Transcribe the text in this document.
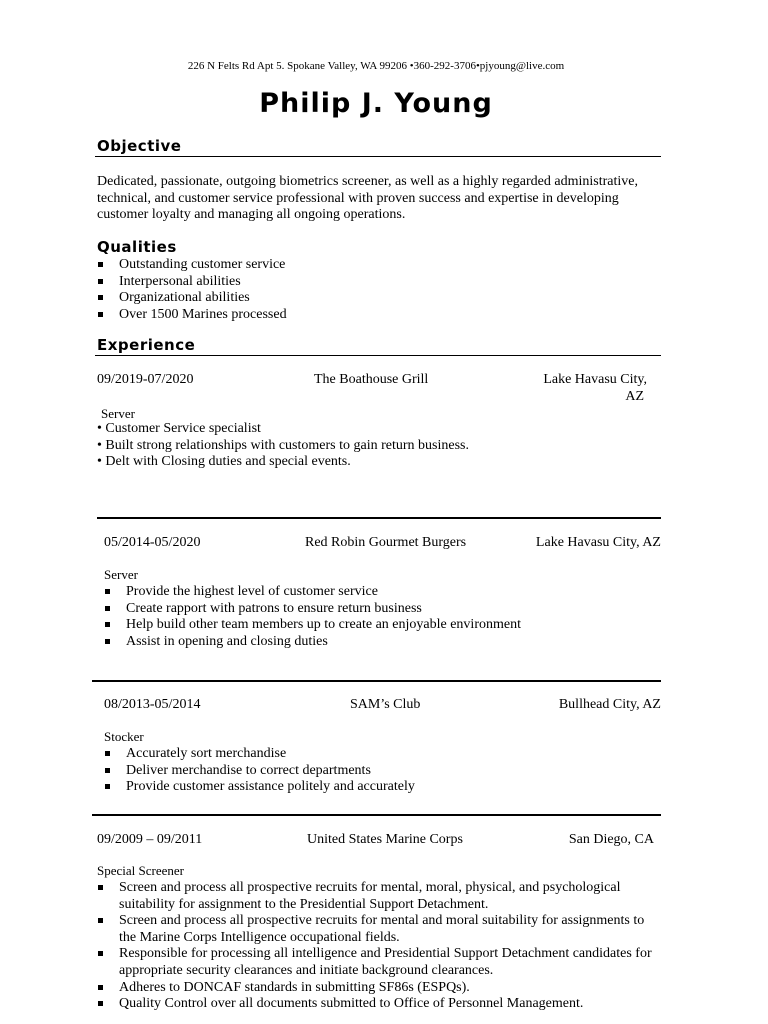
226 N Felts Rd Apt 5. Spokane Valley, WA 99206 •360-292-3706•pjyoung@live.com
Philip J. Young
Objective
Dedicated, passionate, outgoing biometrics screener, as well as a highly regarded administrative, technical, and customer service professional with proven success and expertise in developing customer loyalty and managing all ongoing operations.
Qualities
Outstanding customer service
Interpersonal abilities
Organizational abilities
Over 1500 Marines processed
Experience
09/2019-07/2020	The Boathouse Grill	Lake Havasu City,
AZ
Server
• Customer Service specialist
• Built strong relationships with customers to gain return business.
• Delt with Closing duties and special events.
05/2014-05/2020	Red Robin Gourmet Burgers	Lake Havasu City, AZ
Server
Provide the highest level of customer service
Create rapport with patrons to ensure return business
Help build other team members up to create an enjoyable environment
Assist in opening and closing duties
08/2013-05/2014	SAM’s Club	Bullhead City, AZ
Stocker
Accurately sort merchandise
Deliver merchandise to correct departments
Provide customer assistance politely and accurately
09/2009 – 09/2011	United States Marine Corps	San Diego, CA
Special Screener
Screen and process all prospective recruits for mental, moral, physical, and psychological suitability for assignment to the Presidential Support Detachment.
Screen and process all prospective recruits for mental and moral suitability for assignments to the Marine Corps Intelligence occupational fields.
Responsible for processing all intelligence and Presidential Support Detachment candidates for appropriate security clearances and initiate background clearances.
Adheres to DONCAF standards in submitting SF86s (ESPQs).
Quality Control over all documents submitted to Office of Personnel Management.
